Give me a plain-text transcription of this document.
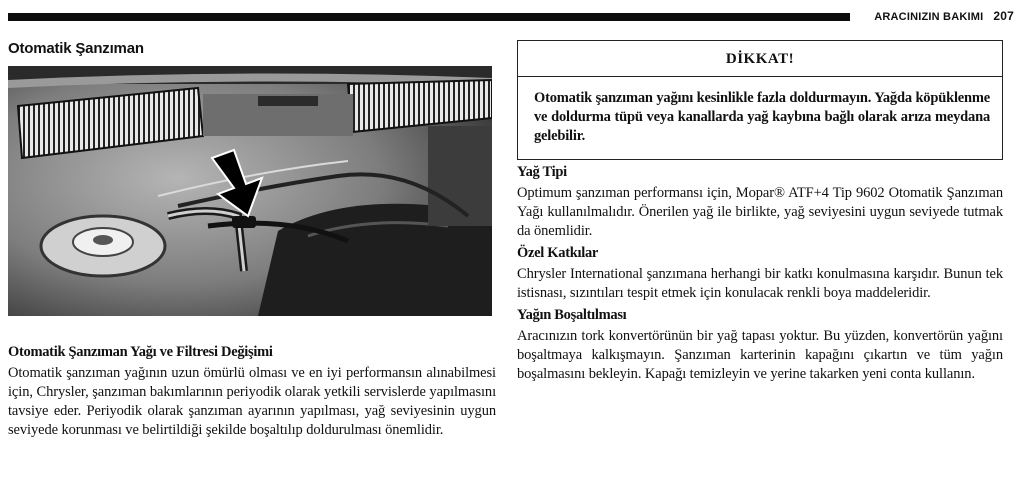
ARACINIZIN BAKIMI 207
Otomatik Şanzıman
Otomatik Şanzıman Yağı ve Filtresi Değişimi

Otomatik şanzıman yağının uzun ömürlü olması ve en iyi performansın alınabilmesi için, Chrysler, şanzıman bakımlarının periyodik olarak yetkili servislerde yapılmasını tavsiye eder. Periyodik olarak şanzıman ayarının yapılması, yağ seviyesinin uygun seviyede korunması ve belirtildiği şekilde boşaltılıp doldurulması önemlidir.

DİKKAT!
Otomatik şanzıman yağını kesinlikle fazla doldurmayın. Yağda köpüklenme ve doldurma tüpü veya kanallarda yağ kaybına bağlı olarak arıza meydana gelebilir.
Yağ Tipi

Optimum şanzıman performansı için, Mopar® ATF+4 Tip 9602 Otomatik Şanzıman Yağı kullanılmalıdır. Önerilen yağ ile birlikte, yağ seviyesini uygun seviyede tutmak da önemlidir.

Özel Katkılar

Chrysler International şanzımana herhangi bir katkı konulmasına karşıdır. Bunun tek istisnası, sızıntıları tespit etmek için konulacak renkli boya maddeleridir.

Yağın Boşaltılması

Aracınızın tork konvertörünün bir yağ tapası yoktur. Bu yüzden, konvertörün yağını boşaltmaya kalkışmayın. Şanzıman karterinin kapağını çıkartın ve tüm yağın boşalmasını bekleyin. Kapağı temizleyin ve yerine takarken yeni conta kullanın.
